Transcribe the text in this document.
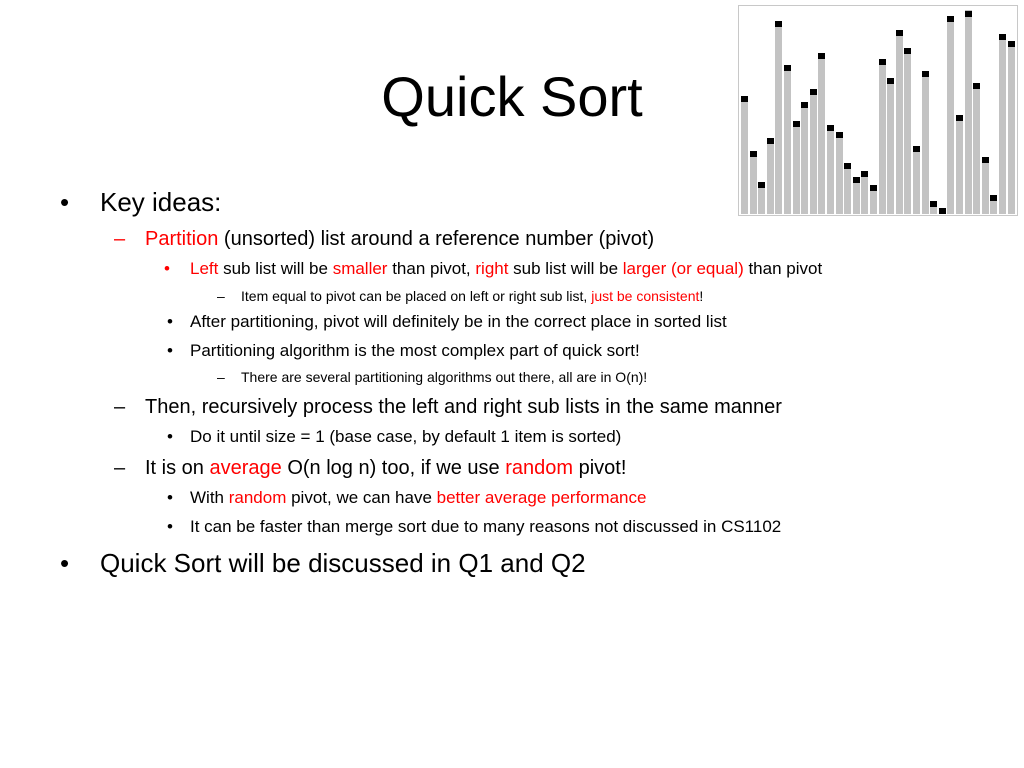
Quick Sort
• Key ideas:
– Partition (unsorted) list around a reference number (pivot)
• Left sub list will be smaller than pivot, right sub list will be larger (or equal) than pivot
– Item equal to pivot can be placed on left or right sub list, just be consistent!
• After partitioning, pivot will definitely be in the correct place in sorted list
• Partitioning algorithm is the most complex part of quick sort!
– There are several partitioning algorithms out there, all are in O(n)!
– Then, recursively process the left and right sub lists in the same manner
• Do it until size = 1 (base case, by default 1 item is sorted)
– It is on average O(n log n) too, if we use random pivot!
• With random pivot, we can have better average performance
• It can be faster than merge sort due to many reasons not discussed in CS1102
• Quick Sort will be discussed in Q1 and Q2
